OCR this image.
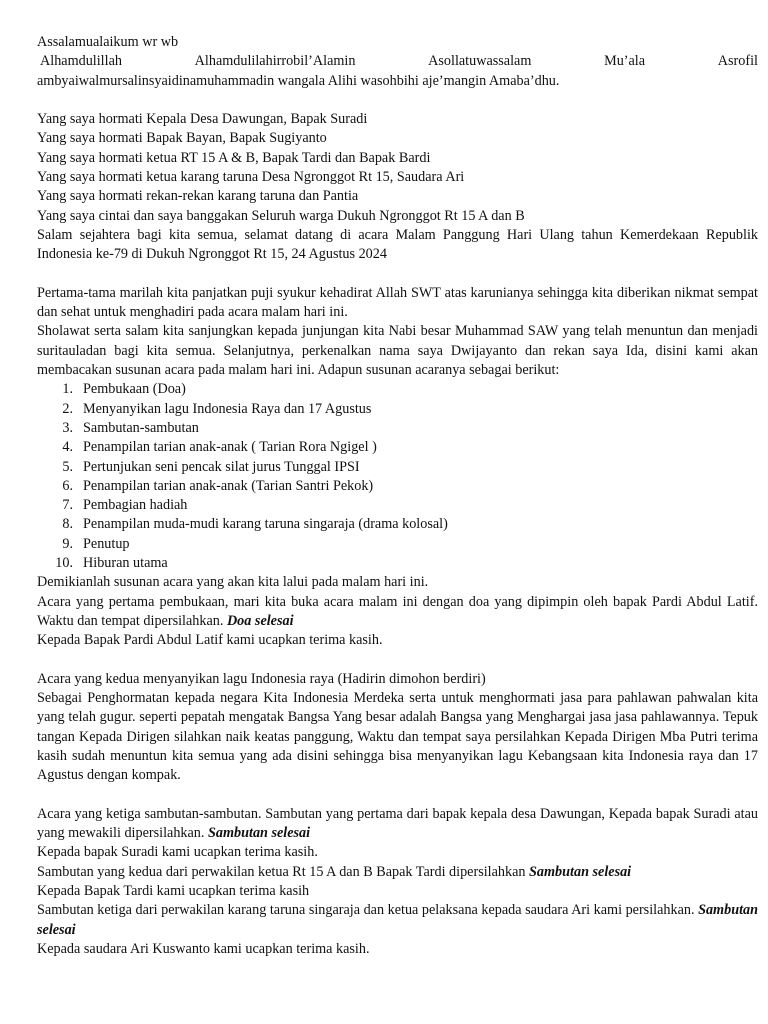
Assalamualaikum wr wb

Alhamdulillah	Alhamdulilahirrobil’Alamin	Asollatuwassalam	Mu’ala	Asrofil

ambyaiwalmursalinsyaidinamuhammadin wangala Alihi wasohbihi aje’mangin Amaba’dhu.

Yang saya hormati Kepala Desa Dawungan, Bapak Suradi

Yang saya hormati Bapak Bayan, Bapak Sugiyanto

Yang saya hormati ketua RT 15 A & B, Bapak Tardi dan Bapak Bardi

Yang saya hormati ketua karang taruna Desa Ngronggot Rt 15, Saudara Ari

Yang saya hormati rekan-rekan karang taruna dan Pantia

Yang saya cintai dan saya banggakan Seluruh warga Dukuh Ngronggot Rt 15 A dan B

Salam sejahtera bagi kita semua, selamat datang di acara Malam Panggung Hari Ulang tahun Kemerdekaan Republik Indonesia ke-79 di Dukuh Ngronggot Rt 15, 24 Agustus 2024

Pertama-tama marilah kita panjatkan puji syukur kehadirat Allah SWT atas karunianya sehingga kita diberikan nikmat sempat dan sehat untuk menghadiri pada acara malam hari ini.

Sholawat serta salam kita sanjungkan kepada junjungan kita Nabi besar Muhammad SAW yang telah menuntun dan menjadi suritauladan bagi kita semua. Selanjutnya, perkenalkan nama saya Dwijayanto dan rekan saya Ida, disini kami akan membacakan susunan acara pada malam hari ini. Adapun susunan acaranya sebagai berikut:

1. Pembukaan (Doa)
2. Menyanyikan lagu Indonesia Raya dan 17 Agustus
3. Sambutan-sambutan
4. Penampilan tarian anak-anak ( Tarian Rora Ngigel )
5. Pertunjukan seni pencak silat jurus Tunggal IPSI
6. Penampilan tarian anak-anak (Tarian Santri Pekok)
7. Pembagian hadiah
8. Penampilan muda-mudi karang taruna singaraja (drama kolosal)
9. Penutup
10. Hiburan utama

Demikianlah susunan acara yang akan kita lalui pada malam hari ini.

Acara yang pertama pembukaan, mari kita buka acara malam ini dengan doa yang dipimpin oleh bapak Pardi Abdul Latif. Waktu dan tempat dipersilahkan. Doa selesai

Kepada Bapak Pardi Abdul Latif kami ucapkan terima kasih.

Acara yang kedua menyanyikan lagu Indonesia raya (Hadirin dimohon berdiri)

Sebagai Penghormatan kepada negara Kita Indonesia Merdeka serta untuk menghormati jasa para pahlawan pahwalan kita yang telah gugur. seperti pepatah mengatak Bangsa Yang besar adalah Bangsa yang Menghargai jasa jasa pahlawannya. Tepuk tangan Kepada Dirigen silahkan naik keatas panggung, Waktu dan tempat saya persilahkan Kepada Dirigen Mba Putri terima kasih sudah menuntun kita semua yang ada disini sehingga bisa menyanyikan lagu Kebangsaan kita Indonesia raya dan 17 Agustus dengan kompak.

Acara yang ketiga sambutan-sambutan. Sambutan yang pertama dari bapak kepala desa Dawungan, Kepada bapak Suradi atau yang mewakili dipersilahkan. Sambutan selesai

Kepada bapak Suradi kami ucapkan terima kasih.

Sambutan yang kedua dari perwakilan ketua Rt 15 A dan B Bapak Tardi dipersilahkan Sambutan selesai

Kepada Bapak Tardi kami ucapkan terima kasih

Sambutan ketiga dari perwakilan karang taruna singaraja dan ketua pelaksana kepada saudara Ari kami persilahkan. Sambutan selesai

Kepada saudara Ari Kuswanto kami ucapkan terima kasih.
